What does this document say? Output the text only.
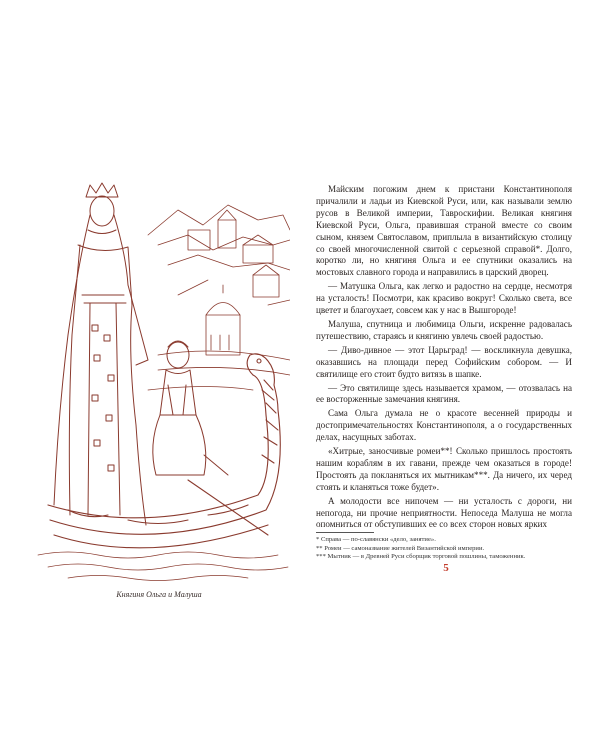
Княгиня Ольга и Малуша

Майским погожим днем к пристани Константинополя причалили и ладьи из Киевской Руси, или, как называли землю русов в Великой империи, Тавроскифии. Великая княгиня Киевской Руси, Ольга, правившая страной вместе со своим сыном, князем Святославом, приплыла в византийскую столицу со своей многочисленной свитой с серьезной справой*. Долго, коротко ли, но княгиня Ольга и ее спутники оказались на мостовых славного города и направились в царский дворец.

— Матушка Ольга, как легко и радостно на сердце, несмотря на усталость! Посмотри, как красиво вокруг! Сколько света, все цветет и благоухает, совсем как у нас в Вышгороде!

Малуша, спутница и любимица Ольги, искренне радовалась путешествию, стараясь и княгиню увлечь своей радостью.

— Диво-дивное — этот Царьград! — воскликнула девушка, оказавшись на площади перед Софийским собором. — И святилище его стоит будто витязь в шапке.

— Это святилище здесь называется храмом, — отозвалась на ее восторженные замечания княгиня.

Сама Ольга думала не о красоте весенней природы и достопримечательностях Константинополя, а о государственных делах, насущных заботах.

«Хитрые, заносчивые ромеи**! Сколько пришлось простоять нашим кораблям в их гавани, прежде чем оказаться в городе! Простоять да покланяться их мытникам***. Да ничего, их черед стоять и кланяться тоже будет».

А молодости все нипочем — ни усталость с дороги, ни непогода, ни прочие неприятности. Непоседа Малуша не могла опомниться от обступивших ее со всех сторон новых ярких

* Справа — по-славянски «дело, занятие».
** Ромеи — самоназвание жителей Византийской империи.
*** Мытник — в Древней Руси сборщик торговой пошлины, таможенник.
5
